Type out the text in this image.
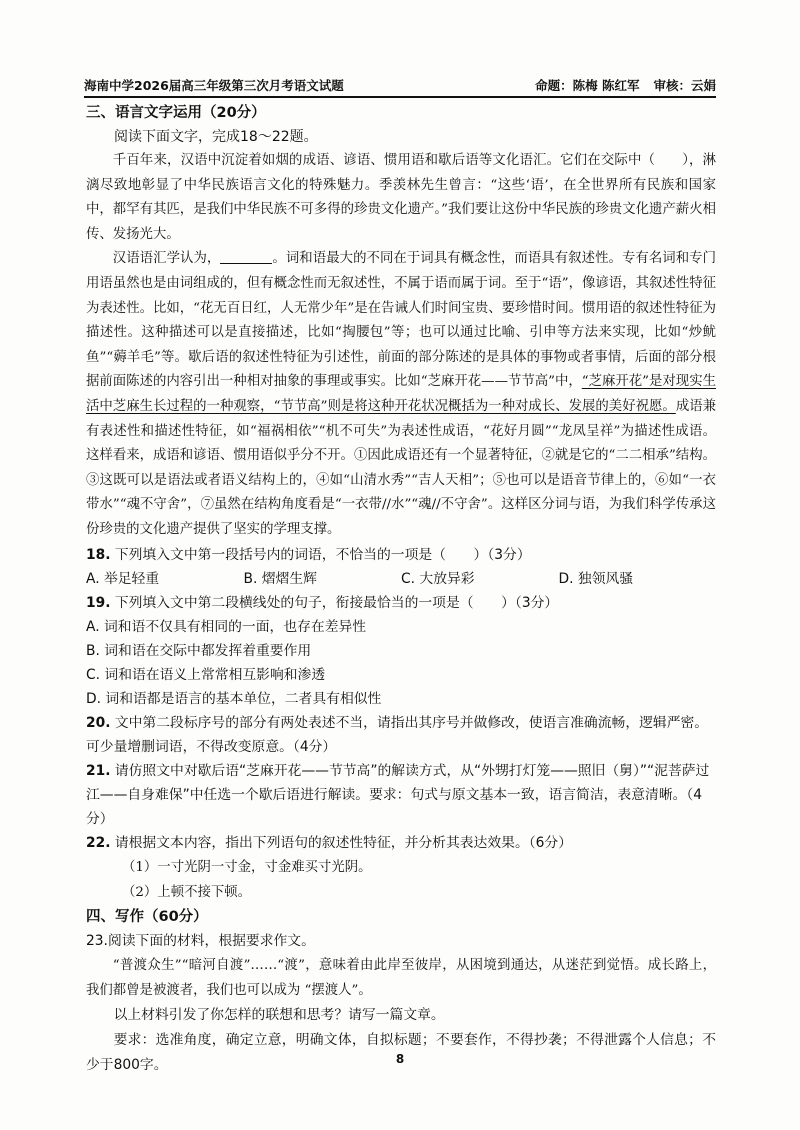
海南中学2026届高三年级第三次月考语文试题	命题：陈梅 陈红军 审核：云娟
三、语言文字运用（20分）
阅读下面文字，完成18～22题。

千百年来，汉语中沉淀着如烟的成语、谚语、惯用语和歇后语等文化语汇。它们在交际中（　　），淋漓尽致地彰显了中华民族语言文化的特殊魅力。季羡林先生曾言：“这些‘语’，在全世界所有民族和国家中，都罕有其匹，是我们中华民族不可多得的珍贵文化遗产。”我们要让这份中华民族的珍贵文化遗产薪火相传、发扬光大。

汉语语汇学认为，	。词和语最大的不同在于词具有概念性，而语具有叙述性。专有名词和专门用语虽然也是由词组成的，但有概念性而无叙述性，不属于语而属于词。至于“语”，像谚语，其叙述性特征为表述性。比如，“花无百日红，人无常少年”是在告诫人们时间宝贵、要珍惜时间。惯用语的叙述性特征为描述性。这种描述可以是直接描述，比如“掏腰包”等；也可以通过比喻、引申等方法来实现，比如“炒鱿鱼”“薅羊毛”等。歇后语的叙述性特征为引述性，前面的部分陈述的是具体的事物或者事情，后面的部分根据前面陈述的内容引出一种相对抽象的事理或事实。比如“芝麻开花——节节高”中，“芝麻开花”是对现实生活中芝麻生长过程的一种观察，“节节高”则是将这种开花状况概括为一种对成长、发展的美好祝愿。成语兼有表述性和描述性特征，如“福祸相依”“机不可失”为表述性成语，“花好月圆”“龙凤呈祥”为描述性成语。这样看来，成语和谚语、惯用语似乎分不开。①因此成语还有一个显著特征，②就是它的“二二相承”结构。③这既可以是语法或者语义结构上的，④如“山清水秀”“吉人天相”；⑤也可以是语音节律上的，⑥如“一衣带水”“魂不守舍”，⑦虽然在结构角度看是“一衣带//水”“魂//不守舍”。这样区分词与语，为我们科学传承这份珍贵的文化遗产提供了坚实的学理支撑。

18. 下列填入文中第一段括号内的词语，不恰当的一项是（　　）（3分）

A. 举足轻重	B. 熠熠生辉	C. 大放异彩	D. 独领风骚

19. 下列填入文中第二段横线处的句子，衔接最恰当的一项是（　　）（3分）

A. 词和语不仅具有相同的一面，也存在差异性
B. 词和语在交际中都发挥着重要作用
C. 词和语在语义上常常相互影响和渗透
D. 词和语都是语言的基本单位，二者具有相似性

20. 文中第二段标序号的部分有两处表述不当，请指出其序号并做修改，使语言准确流畅，逻辑严密。可少量增删词语，不得改变原意。（4分）

21. 请仿照文中对歇后语“芝麻开花——节节高”的解读方式，从“外甥打灯笼——照旧（舅）”“泥菩萨过江——自身难保”中任选一个歇后语进行解读。要求：句式与原文基本一致，语言简洁，表意清晰。（4分）

22. 请根据文本内容，指出下列语句的叙述性特征，并分析其表达效果。（6分）

（1）一寸光阴一寸金，寸金难买寸光阴。
（2）上顿不接下顿。
四、写作（60分）
23.阅读下面的材料，根据要求作文。

“普渡众生”“暗河自渡”……“渡”，意味着由此岸至彼岸，从困境到通达，从迷茫到觉悟。成长路上，我们都曾是被渡者，我们也可以成为 “摆渡人”。

以上材料引发了你怎样的联想和思考？请写一篇文章。

要求：选准角度，确定立意，明确文体，自拟标题；不要套作，不得抄袭；不得泄露个人信息；不少于800字。	8
